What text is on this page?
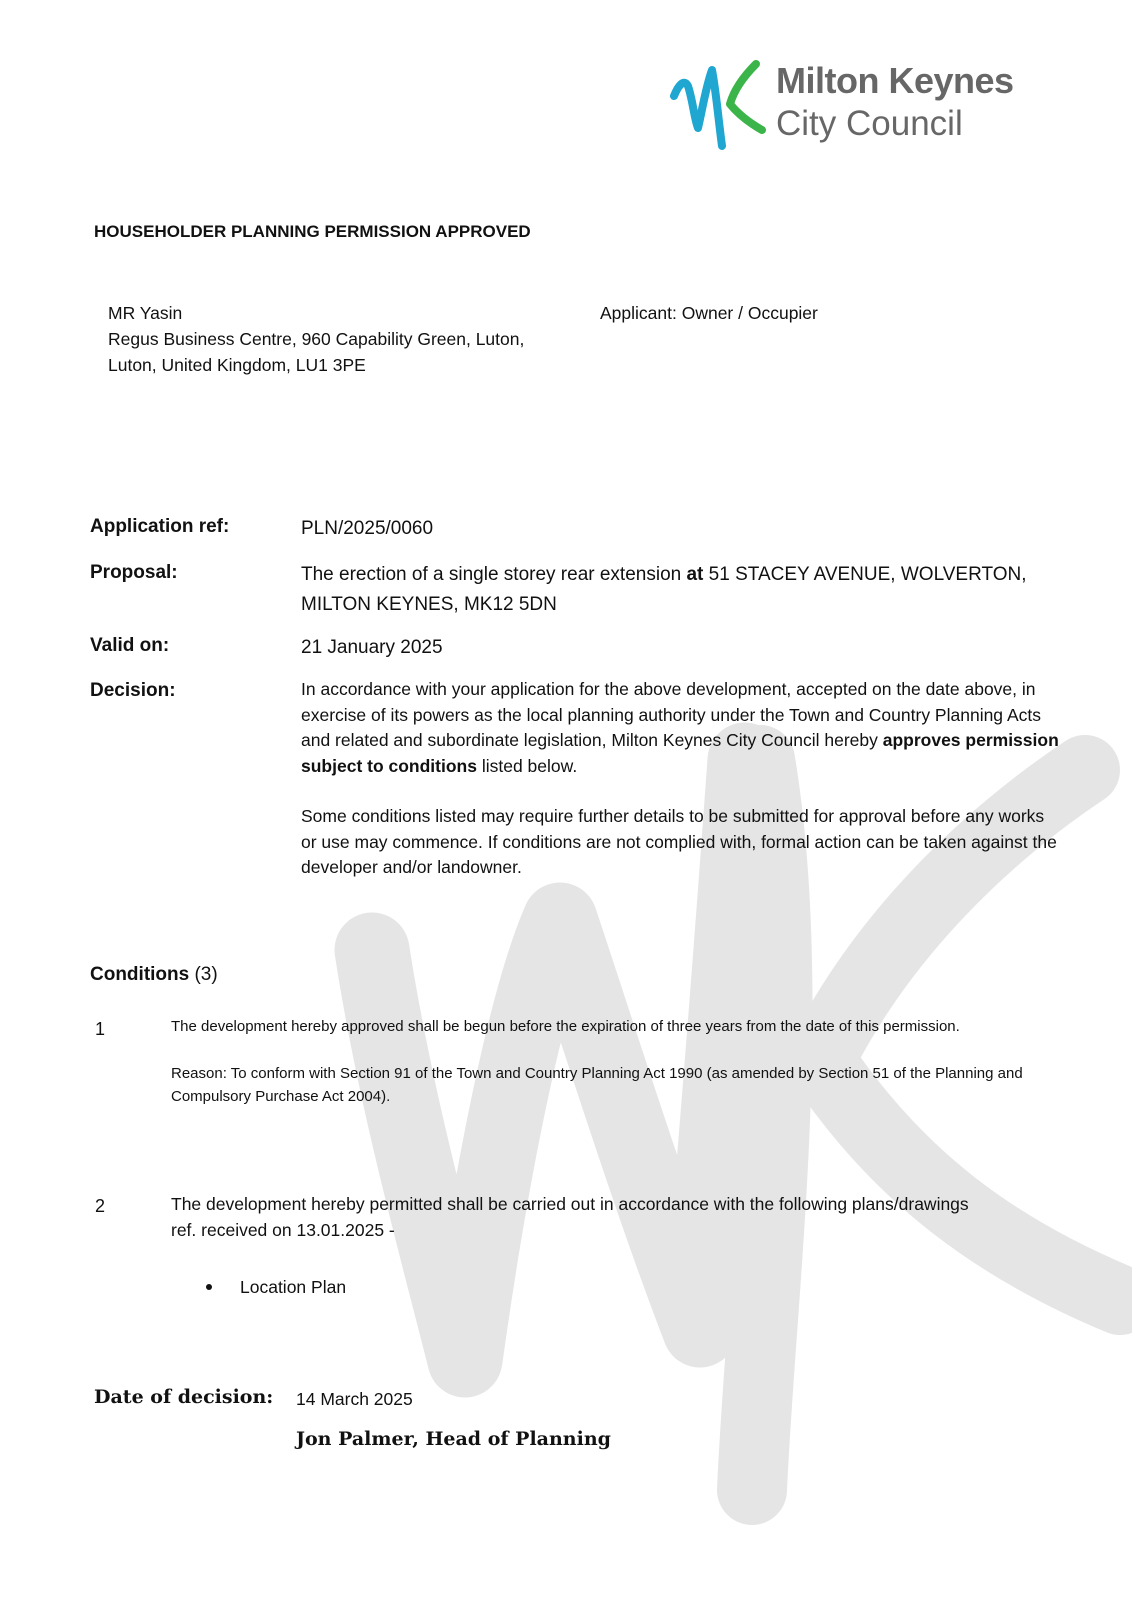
Milton Keynes
City Council
HOUSEHOLDER PLANNING PERMISSION APPROVED
MR Yasin
Regus Business Centre, 960 Capability Green, Luton,
Luton, United Kingdom, LU1 3PE
Applicant: Owner / Occupier
Application ref:	PLN/2025/0060
Proposal:	The erection of a single storey rear extension at 51 STACEY AVENUE, WOLVERTON, MILTON KEYNES, MK12 5DN
Valid on:	21 January 2025
Decision:	In accordance with your application for the above development, accepted on the date above, in exercise of its powers as the local planning authority under the Town and Country Planning Acts and related and subordinate legislation, Milton Keynes City Council hereby approves permission subject to conditions listed below.

Some conditions listed may require further details to be submitted for approval before any works or use may commence. If conditions are not complied with, formal action can be taken against the developer and/or landowner.

Conditions (3)
1	The development hereby approved shall be begun before the expiration of three years from the date of this permission.

Reason: To conform with Section 91 of the Town and Country Planning Act 1990 (as amended by Section 51 of the Planning and Compulsory Purchase Act 2004).

2	The development hereby permitted shall be carried out in accordance with the following plans/drawings ref. received on 13.01.2025 -
Location Plan
Date of decision: 14 March 2025
Jon Palmer, Head of Planning
